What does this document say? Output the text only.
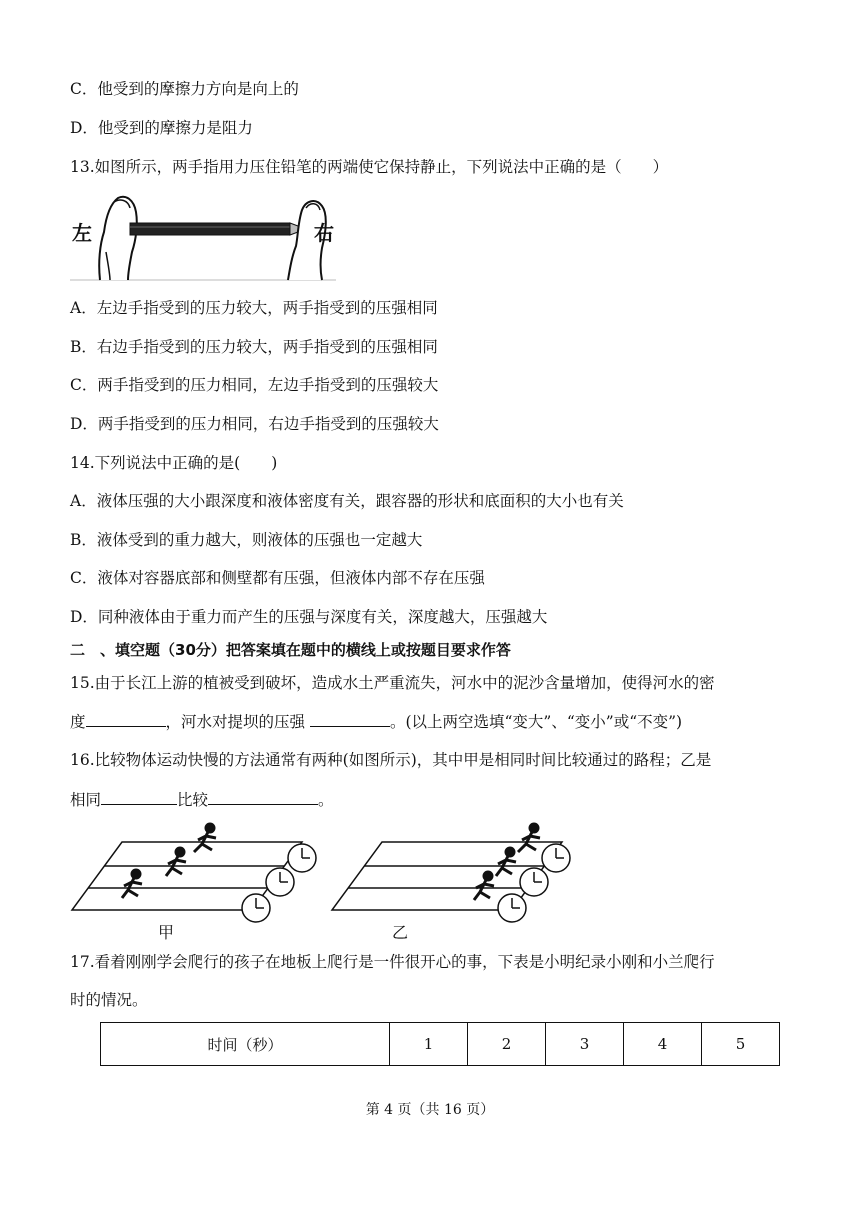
C．他受到的摩擦力方向是向上的
D．他受到的摩擦力是阻力
13.如图所示，两手指用力压住铅笔的两端使它保持静止，下列说法中正确的是（　　）
左	右
A．左边手指受到的压力较大，两手指受到的压强相同
B．右边手指受到的压力较大，两手指受到的压强相同
C．两手指受到的压力相同，左边手指受到的压强较大
D．两手指受到的压力相同，右边手指受到的压强较大
14.下列说法中正确的是(　　)
A．液体压强的大小跟深度和液体密度有关，跟容器的形状和底面积的大小也有关
B．液体受到的重力越大，则液体的压强也一定越大
C．液体对容器底部和侧壁都有压强，但液体内部不存在压强
D．同种液体由于重力而产生的压强与深度有关，深度越大，压强越大
二　、填空题（30分）把答案填在题中的横线上或按题目要求作答
15.由于长江上游的植被受到破坏，造成水土严重流失，河水中的泥沙含量增加，使得河水的密
度	，河水对提坝的压强	。(以上两空选填“变大”、“变小”或“不变”)
16.比较物体运动快慢的方法通常有两种(如图所示)，其中甲是相同时间比较通过的路程；乙是
相同	比较	。
甲	乙
17.看着刚刚学会爬行的孩子在地板上爬行是一件很开心的事，下表是小明纪录小刚和小兰爬行
时的情况。
时间（秒）	1	2	3	4	5
第 4 页（共 16 页）
